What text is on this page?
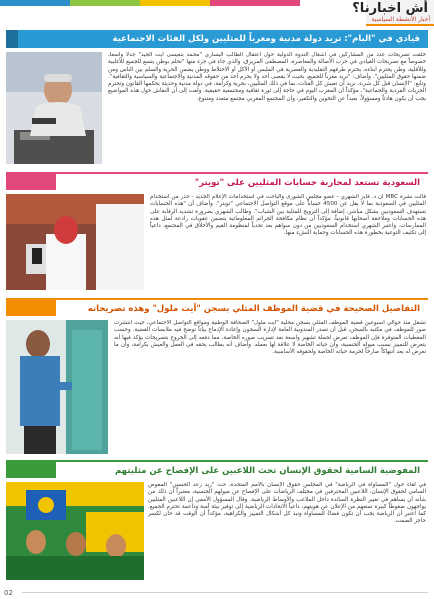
أش اخبارنا؟
أخبار الأنشطة السياسية
قيادي في "البام": تريد دولة مدنية ومغرباً للمثليين ولكل الفئات الاجتماعية
خلقت تصريحات عدد من المشاركين في أشغال الندوة الدولية حول اعتقال الطالب اليساري "محمد بنعيسى أيت الجيد" جدلاً واسعاً، خصوصاً مع تصريحات القيادي في حزب الأصالة والمعاصرة، المصطفى المريزق، والذي جاء في جزء منها "نحلم بوطن يتسع للجميع للأغلبية وللأقلية، وطن يحترم أبناءه، يحترم طرقهم التقليدية والعصرية في الملبس أو الأكل أو الاختلاط ووطن يضمن الحرية والسلم بين الناس ومن ضمنها حقوق المثليين". وأضاف: "نريد مغرباً للجميع، بحيث لا يقصى أحد ولا يحرم أحد من حقوقه المدنية والاجتماعية والسياسية والثقافية". وتابع: "الإنسان قبل كل شيء، نريد أن تعيش كل الفئات، بما في ذلك المثليين، بحرية وكرامة، في دولة مدنية وحديثة يحكمها القانون وتحترم الحريات الفردية والجماعية"، مؤكداً أن المغرب اليوم في حاجة إلى ثورة ثقافية ومجتمعية حقيقية. ولفت إلى أن النقاش حول هذه المواضيع يجب أن يكون هادئاً ومسؤولاً، بعيداً عن التخوين والتكفير، وأن المجتمع المغربي مجتمع متعدد ومتنوع.
السعودية تستعد لمحاربة حسابات المثليين على "تويتر"
قالت نشرة MBC أن د. فايز الشهري - عضو مجلس الشورى والباحث في استخدامات الإعلام الجديد - حذر من استخدام المثليين في السعودية بما لا يقل عن 4500 حساباً على موقع التواصل الاجتماعي "تويتر". وأضاف أن "هذه الحسابات تستهدف السعوديين بشكل مباشر، إضافة إلى الترويج للمثلية بين الشباب". وطالب الشهري بضرورة تشديد الرقابة على هذه الحسابات وملاحقة أصحابها قانونياً، مؤكداً أن نظام مكافحة الجرائم المعلوماتية يتضمن عقوبات رادعة لمثل هذه الممارسات. واعتبر الشهري استخدام السعوديين من دون سواهم يعد تحدياً لمنظومة القيم والأخلاق في المجتمع، داعياً إلى تكثيف التوعية بخطورة هذه الحسابات وحماية النشء منها.
التفاصيل الصحيحة في قضية الموظف المثلي بسجن "أيت ملول" وهذه تصريحاته
تشغل منذ حوالي أسبوعين قضية الموظف المثلي بسجن محلية "أيت ملول" الصحافة الوطنية ومواقع التواصل الاجتماعي، حيث انتشرت صور للموظف في مكتبه بالسجن، قبل أن تصدر المندوبية العامة لإدارة السجون وإعادة الإدماج بياناً توضح فيه ملابسات القضية. وحسب المعطيات المتوفرة فإن الموظف تعرض لحملة تشهير واسعة بعد تسريب صوره الخاصة، مما دفعه إلى الخروج بتصريحات يؤكد فيها أنه يتعرض للتمييز بسبب ميوله الجنسية، وأن حياته الخاصة لا علاقة لها بعمله. وأضاف أنه يطالب بحقه في العمل والعيش بكرامة، وأن ما تعرض له يعد انتهاكاً صارخاً لحرمة حياته الخاصة ولحقوقه الأساسية.
المفوضية السامية لحقوق الإنسان تحث اللاعبين على الإفصاح عن مثليتهم
في لقاء حول "المساواة في الرياضة" في المجلس حقوق الإنسان بالأمم المتحدة، حث "زيد رعد الحسين" المفوض السامي لحقوق الإنسان، اللاعبين المحترفين في مختلف الرياضات على الإفصاح عن ميولهم الجنسية، معتبراً أن ذلك من شأنه أن يساهم في تغيير النظرة السائدة داخل الملاعب والأوساط الرياضية. وقال المسؤول الأممي إن اللاعبين المثليين يواجهون ضغوطاً كبيرة تمنعهم من الإعلان عن هويتهم، داعياً الاتحادات الرياضية إلى توفير بيئة آمنة وداعمة تحترم الجميع. كما اعتبر أن الرياضة يجب أن تكون فضاءً للمساواة ونبذ كل أشكال التمييز والكراهية، مؤكداً أن الوقت قد حان لكسر حاجز الصمت.
02
